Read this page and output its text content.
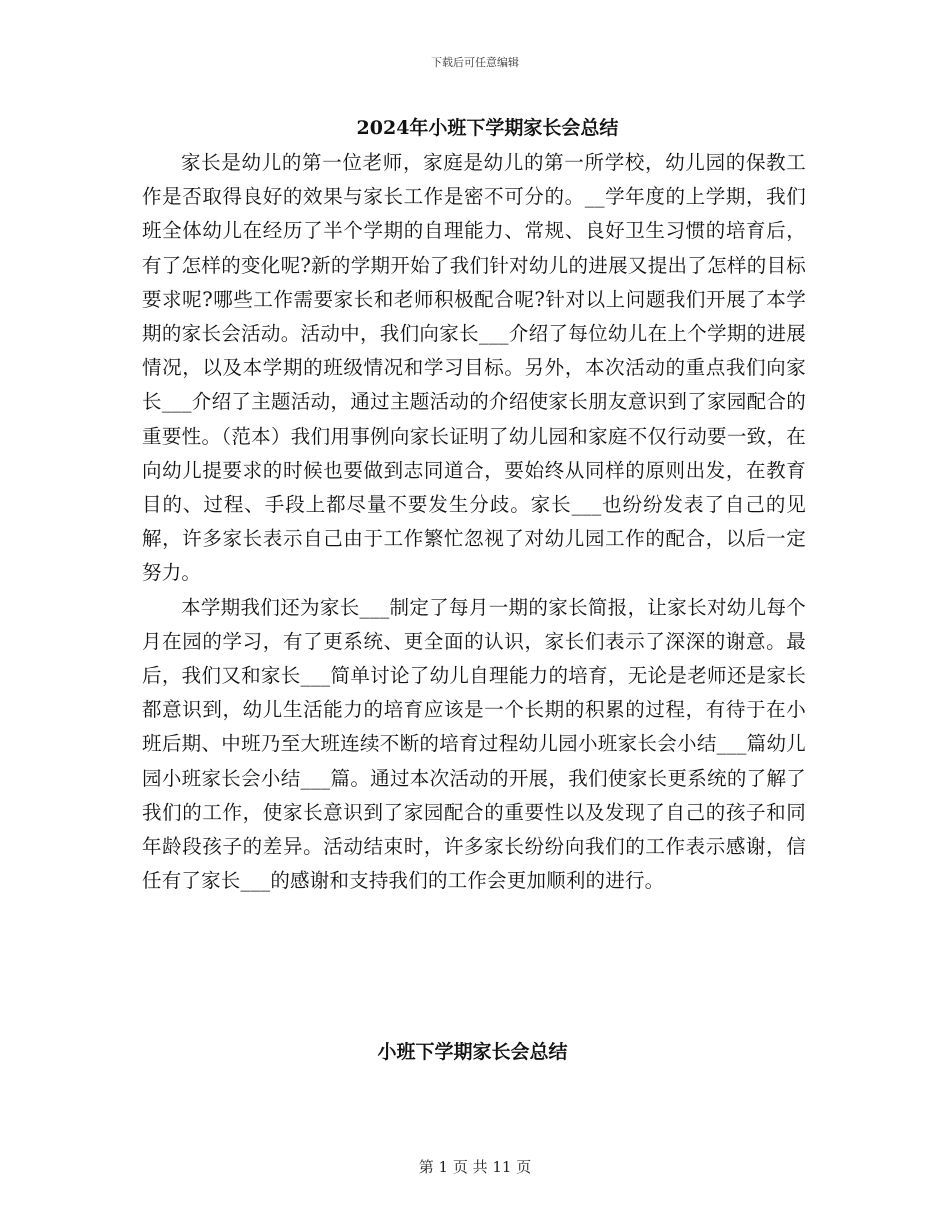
下载后可任意编辑
2024年小班下学期家长会总结

家长是幼儿的第一位老师，家庭是幼儿的第一所学校，幼儿园的保教工作是否取得良好的效果与家长工作是密不可分的。__学年度的上学期，我们班全体幼儿在经历了半个学期的自理能力、常规、良好卫生习惯的培育后，有了怎样的变化呢?新的学期开始了我们针对幼儿的进展又提出了怎样的目标要求呢?哪些工作需要家长和老师积极配合呢?针对以上问题我们开展了本学期的家长会活动。活动中，我们向家长___介绍了每位幼儿在上个学期的进展情况，以及本学期的班级情况和学习目标。另外，本次活动的重点我们向家长___介绍了主题活动，通过主题活动的介绍使家长朋友意识到了家园配合的重要性。（范本）我们用事例向家长证明了幼儿园和家庭不仅行动要一致，在向幼儿提要求的时候也要做到志同道合，要始终从同样的原则出发，在教育目的、过程、手段上都尽量不要发生分歧。家长___也纷纷发表了自己的见解，许多家长表示自己由于工作繁忙忽视了对幼儿园工作的配合，以后一定努力。

本学期我们还为家长___制定了每月一期的家长简报，让家长对幼儿每个月在园的学习，有了更系统、更全面的认识，家长们表示了深深的谢意。最后，我们又和家长___简单讨论了幼儿自理能力的培育，无论是老师还是家长都意识到，幼儿生活能力的培育应该是一个长期的积累的过程，有待于在小班后期、中班乃至大班连续不断的培育过程幼儿园小班家长会小结___篇幼儿园小班家长会小结___篇。通过本次活动的开展，我们使家长更系统的了解了我们的工作，使家长意识到了家园配合的重要性以及发现了自己的孩子和同年龄段孩子的差异。活动结束时，许多家长纷纷向我们的工作表示感谢，信任有了家长___的感谢和支持我们的工作会更加顺利的进行。

小班下学期家长会总结
第 1 页 共 11 页
